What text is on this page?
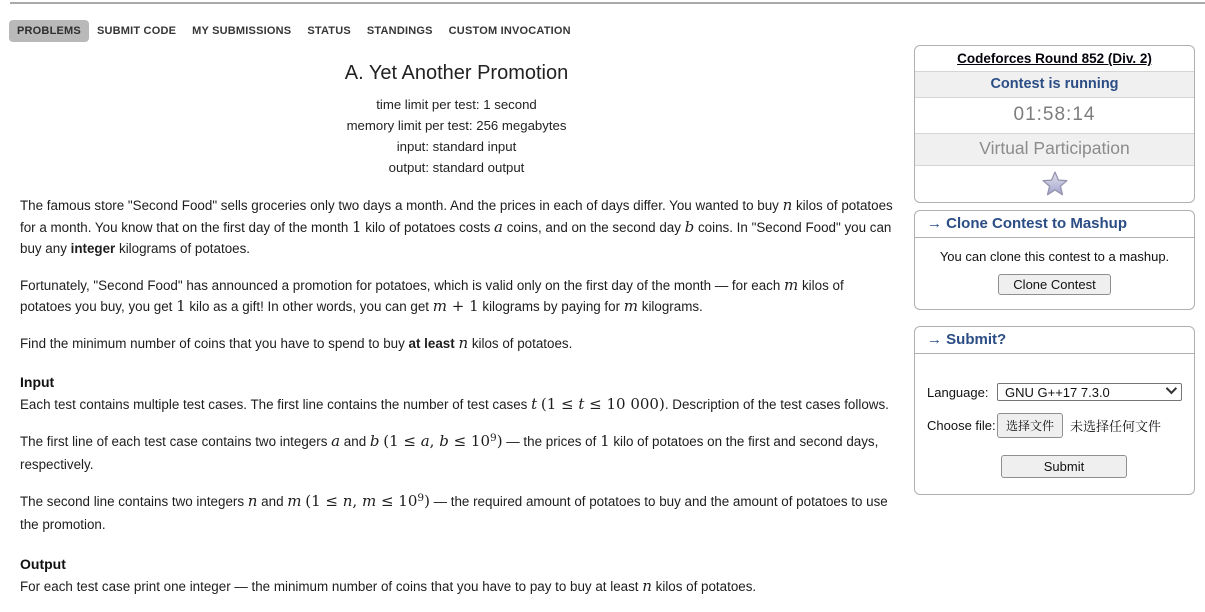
PROBLEMS	SUBMIT CODE	MY SUBMISSIONS	STATUS	STANDINGS	CUSTOM INVOCATION
A. Yet Another Promotion
time limit per test: 1 second
memory limit per test: 256 megabytes
input: standard input
output: standard output
The famous store "Second Food" sells groceries only two days a month. And the prices in each of days differ. You wanted to buy n kilos of potatoes for a month. You know that on the first day of the month 1 kilo of potatoes costs a coins, and on the second day b coins. In "Second Food" you can buy any integer kilograms of potatoes.
Fortunately, "Second Food" has announced a promotion for potatoes, which is valid only on the first day of the month — for each m kilos of potatoes you buy, you get 1 kilo as a gift! In other words, you can get m + 1 kilograms by paying for m kilograms.
Find the minimum number of coins that you have to spend to buy at least n kilos of potatoes.
Input
Each test contains multiple test cases. The first line contains the number of test cases t (1 ≤ t ≤ 10 000). Description of the test cases follows.
The first line of each test case contains two integers a and b (1 ≤ a, $b \le 10^9$) — the prices of 1 kilo of potatoes on the first and second days, respectively.
The second line contains two integers n and m (1 ≤ n, $m \le 10^9$) — the required amount of potatoes to buy and the amount of potatoes to use the promotion.
Output
For each test case print one integer — the minimum number of coins that you have to pay to buy at least n kilos of potatoes.
Codeforces Round 852 (Div. 2)
Contest is running
01:58:14
Virtual Participation
→ Clone Contest to Mashup
You can clone this contest to a mashup.
Clone Contest
→ Submit?
Language:	GNU G++17 7.3.0
Choose file: 选择文件	未选择任何文件
Submit
